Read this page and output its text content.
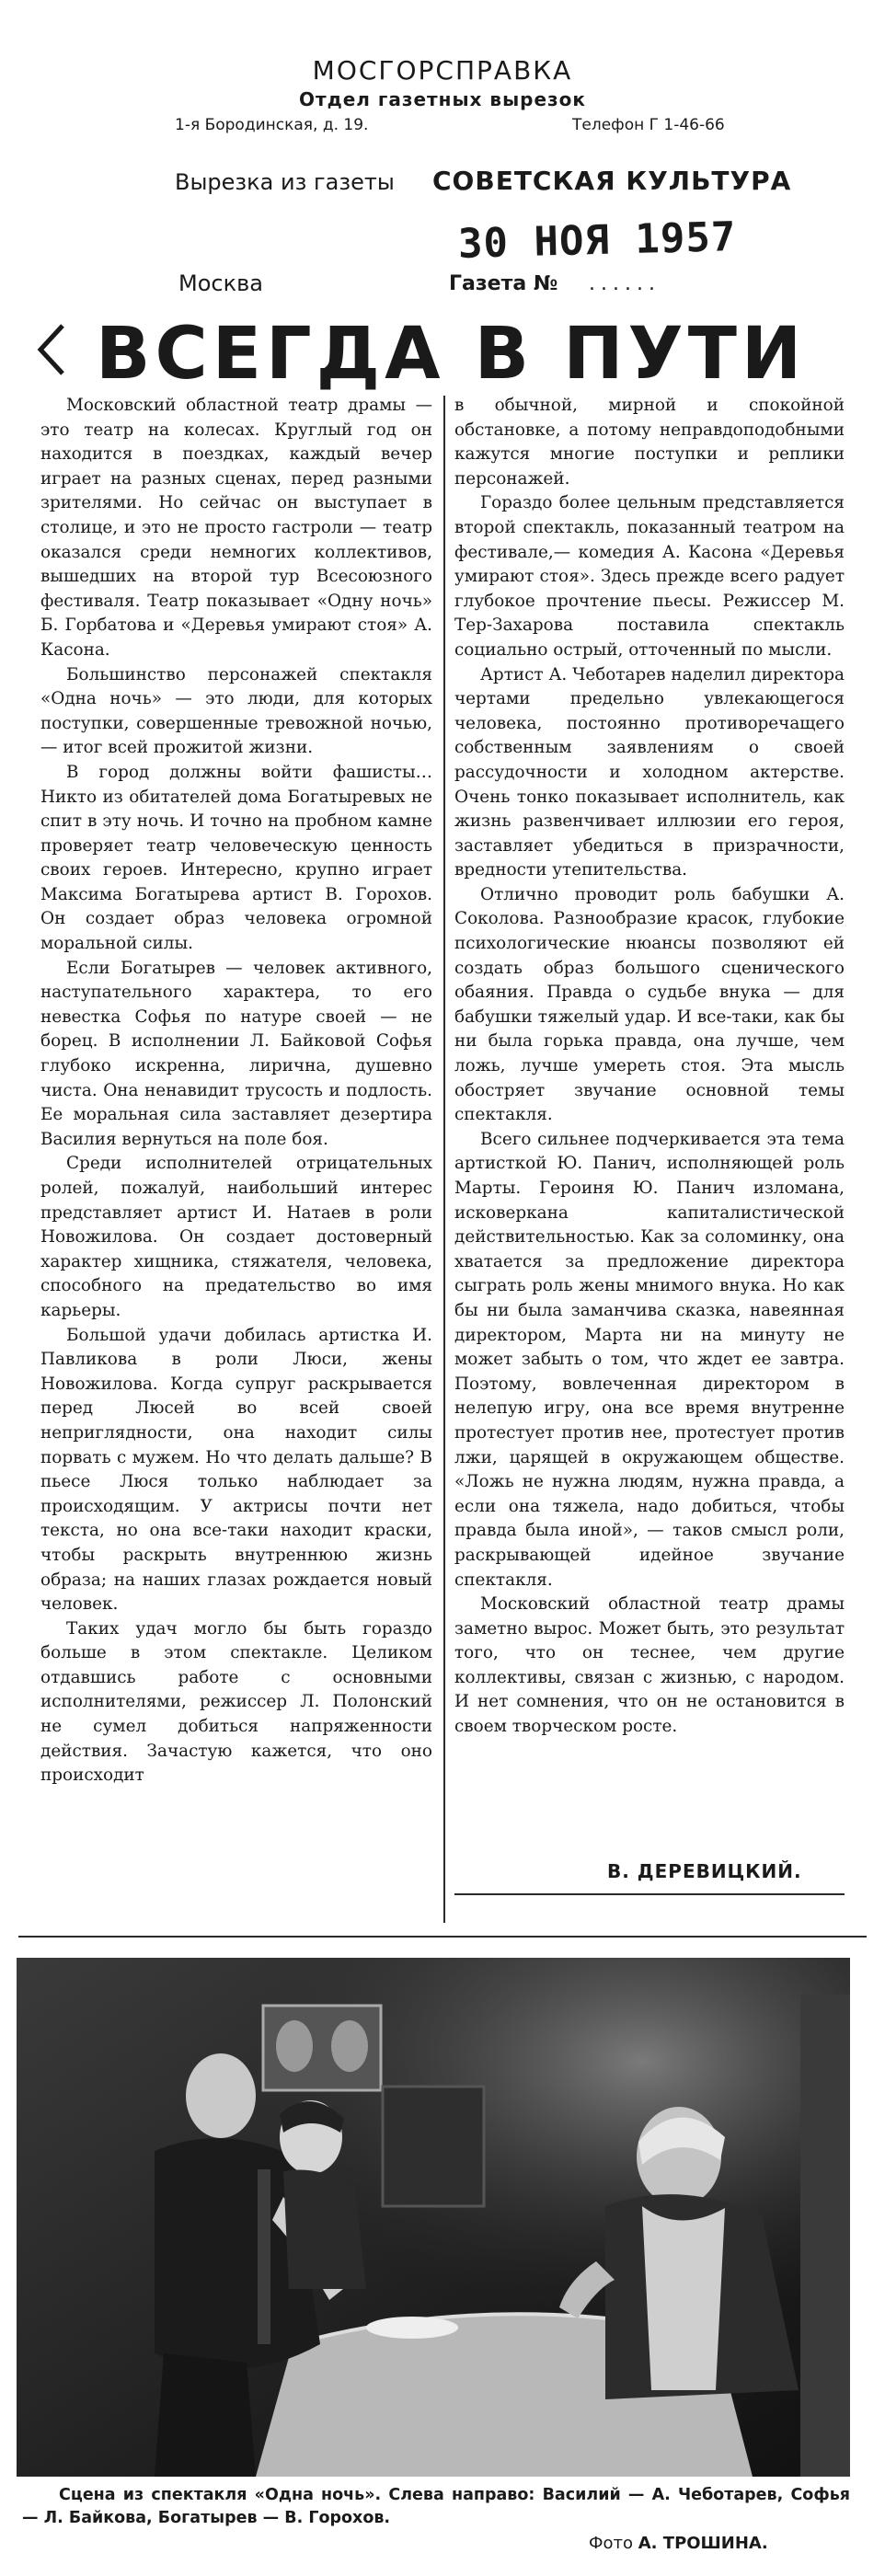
МОСГОРСПРАВКА
Отдел газетных вырезок
1-я Бородинская, д. 19.	Телефон Г 1-46-66
Вырезка из газеты СОВЕТСКАЯ КУЛЬТУРА
30 НОЯ 1957
Москва	Газета № ......
ВСЕГДА В ПУТИ

Московский областной театр драмы — это театр на колесах. Круглый год он находится в поездках, каждый вечер играет на разных сценах, перед разными зрителями. Но сейчас он выступает в столице, и это не просто гастроли — театр оказался среди немногих коллективов, вышедших на второй тур Всесоюзного фестиваля. Театр показывает «Одну ночь» Б. Горбатова и «Деревья умирают стоя» А. Касона.

Большинство персонажей спектакля «Одна ночь» — это люди, для которых поступки, совершенные тревожной ночью, — итог всей прожитой жизни.

В город должны войти фашисты… Никто из обитателей дома Богатыревых не спит в эту ночь. И точно на пробном камне проверяет театр человеческую ценность своих героев. Интересно, крупно играет Максима Богатырева артист В. Горохов. Он создает образ человека огромной моральной силы.

Если Богатырев — человек активного, наступательного характера, то его невестка Софья по натуре своей — не борец. В исполнении Л. Байковой Софья глубоко искренна, лирична, душевно чиста. Она ненавидит трусость и подлость. Ее моральная сила заставляет дезертира Василия вернуться на поле боя.

Среди исполнителей отрицательных ролей, пожалуй, наибольший интерес представляет артист И. Натаев в роли Новожилова. Он создает достоверный характер хищника, стяжателя, человека, способного на предательство во имя карьеры.

Большой удачи добилась артистка И. Павликова в роли Люси, жены Новожилова. Когда супруг раскрывается перед Люсей во всей своей неприглядности, она находит силы порвать с мужем. Но что делать дальше? В пьесе Люся только наблюдает за происходящим. У актрисы почти нет текста, но она все-таки находит краски, чтобы раскрыть внутреннюю жизнь образа; на наших глазах рождается новый человек.

Таких удач могло бы быть гораздо больше в этом спектакле. Целиком отдавшись работе с основными исполнителями, режиссер Л. Полонский не сумел добиться напряженности действия. Зачастую кажется, что оно происходит

в обычной, мирной и спокойной обстановке, а потому неправдоподобными кажутся многие поступки и реплики персонажей.

Гораздо более цельным представляется второй спектакль, показанный театром на фестивале,— комедия А. Касона «Деревья умирают стоя». Здесь прежде всего радует глубокое прочтение пьесы. Режиссер М. Тер-Захарова поставила спектакль социально острый, отточенный по мысли.

Артист А. Чеботарев наделил директора чертами предельно увлекающегося человека, постоянно противоречащего собственным заявлениям о своей рассудочности и холодном актерстве. Очень тонко показывает исполнитель, как жизнь развенчивает иллюзии его героя, заставляет убедиться в призрачности, вредности утепительства.

Отлично проводит роль бабушки А. Соколова. Разнообразие красок, глубокие психологические нюансы позволяют ей создать образ большого сценического обаяния. Правда о судьбе внука — для бабушки тяжелый удар. И все-таки, как бы ни была горька правда, она лучше, чем ложь, лучше умереть стоя. Эта мысль обостряет звучание основной темы спектакля.

Всего сильнее подчеркивается эта тема артисткой Ю. Панич, исполняющей роль Марты. Героиня Ю. Панич изломана, исковеркана капиталистической действительностью. Как за соломинку, она хватается за предложение директора сыграть роль жены мнимого внука. Но как бы ни была заманчива сказка, навеянная директором, Марта ни на минуту не может забыть о том, что ждет ее завтра. Поэтому, вовлеченная директором в нелепую игру, она все время внутренне протестует против нее, протестует против лжи, царящей в окружающем обществе. «Ложь не нужна людям, нужна правда, а если она тяжела, надо добиться, чтобы правда была иной», — таков смысл роли, раскрывающей идейное звучание спектакля.

Московский областной театр драмы заметно вырос. Может быть, это результат того, что он теснее, чем другие коллективы, связан с жизнью, с народом. И нет сомнения, что он не остановится в своем творческом росте.

В. ДЕРЕВИЦКИЙ.
Сцена из спектакля «Одна ночь». Слева направо: Василий — А. Чеботарев, Софья — Л. Байкова, Богатырев — В. Горохов.
Фото А. ТРОШИНА.
